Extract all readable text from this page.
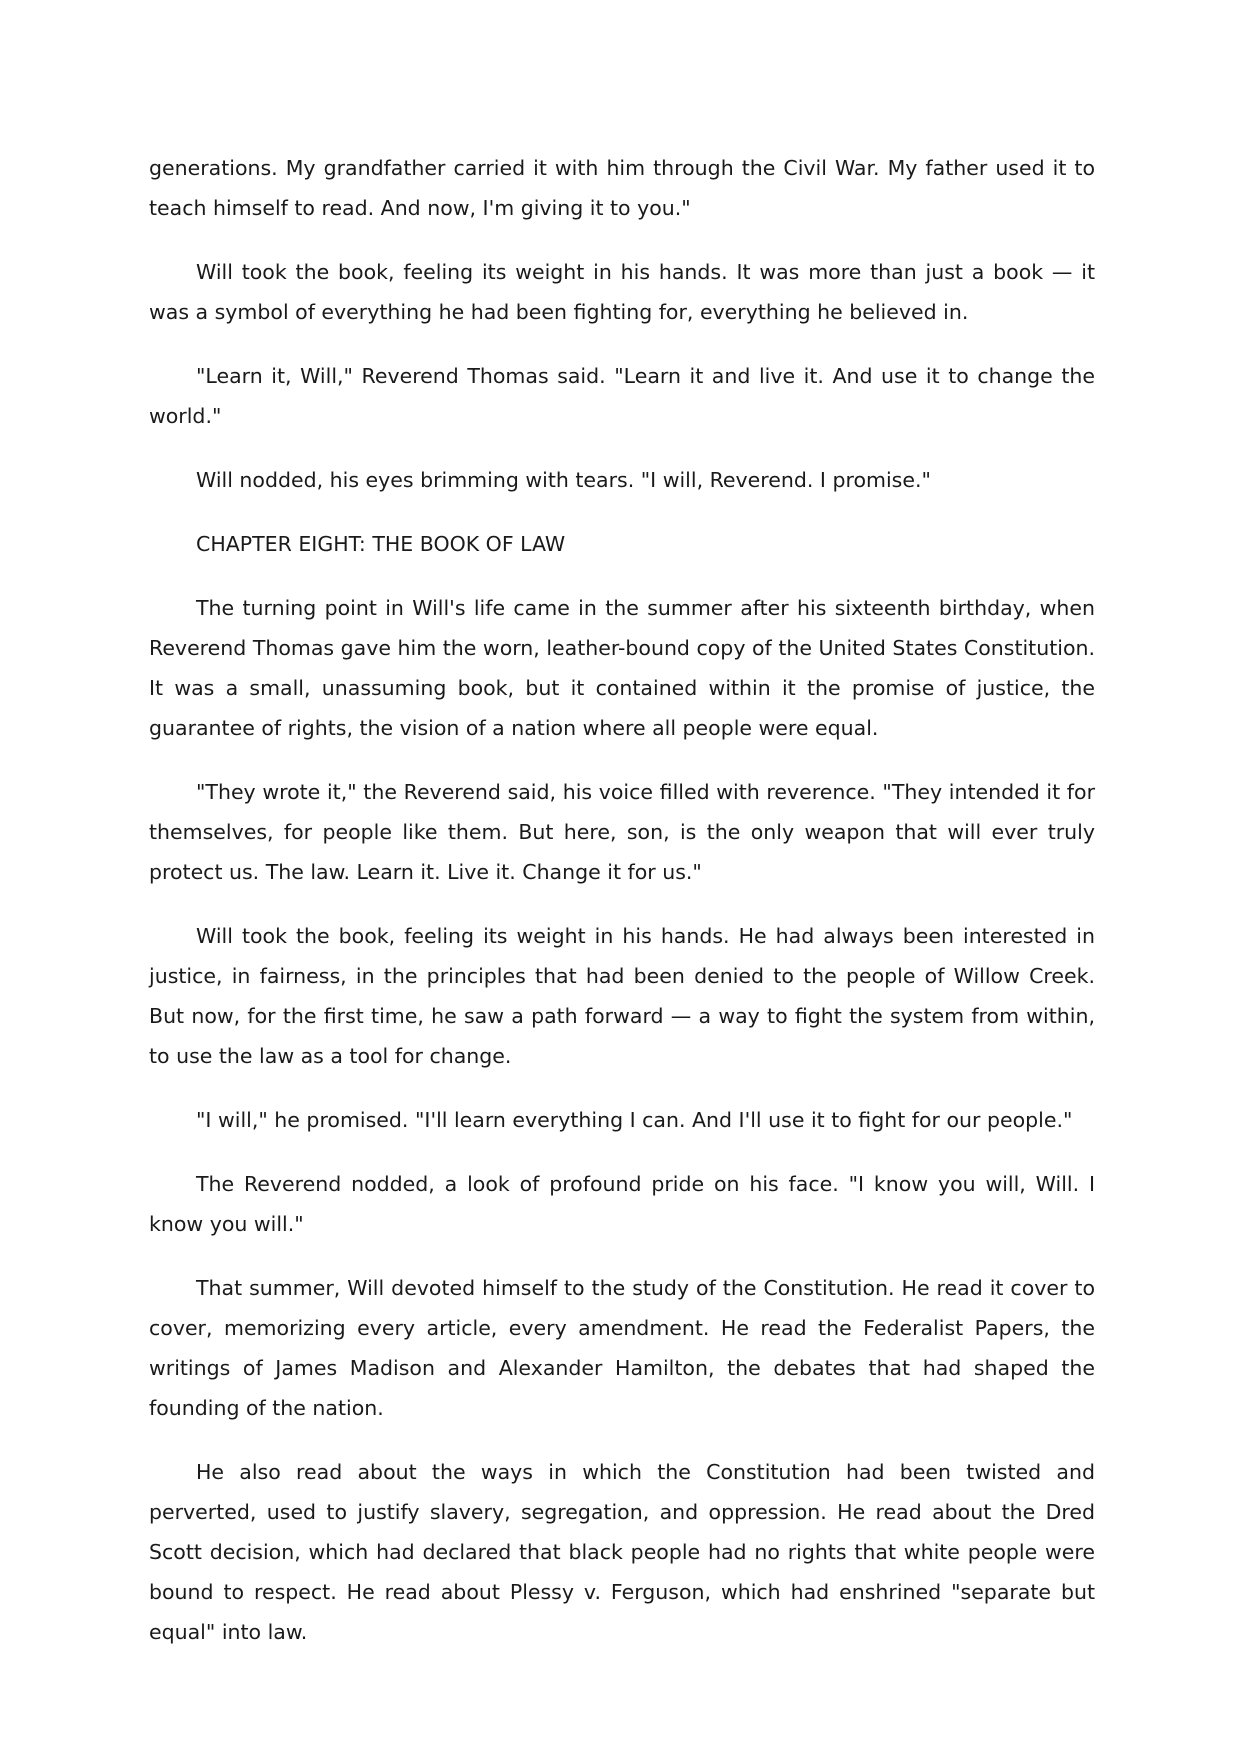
generations. My grandfather carried it with him through the Civil War. My father used it to teach himself to read. And now, I'm giving it to you."

Will took the book, feeling its weight in his hands. It was more than just a book — it was a symbol of everything he had been fighting for, everything he believed in.

"Learn it, Will," Reverend Thomas said. "Learn it and live it. And use it to change the world."

Will nodded, his eyes brimming with tears. "I will, Reverend. I promise."

CHAPTER EIGHT: THE BOOK OF LAW

The turning point in Will's life came in the summer after his sixteenth birthday, when Reverend Thomas gave him the worn, leather-bound copy of the United States Constitution. It was a small, unassuming book, but it contained within it the promise of justice, the guarantee of rights, the vision of a nation where all people were equal.

"They wrote it," the Reverend said, his voice filled with reverence. "They intended it for themselves, for people like them. But here, son, is the only weapon that will ever truly protect us. The law. Learn it. Live it. Change it for us."

Will took the book, feeling its weight in his hands. He had always been interested in justice, in fairness, in the principles that had been denied to the people of Willow Creek. But now, for the first time, he saw a path forward — a way to fight the system from within, to use the law as a tool for change.

"I will," he promised. "I'll learn everything I can. And I'll use it to fight for our people."

The Reverend nodded, a look of profound pride on his face. "I know you will, Will. I know you will."

That summer, Will devoted himself to the study of the Constitution. He read it cover to cover, memorizing every article, every amendment. He read the Federalist Papers, the writings of James Madison and Alexander Hamilton, the debates that had shaped the founding of the nation.

He also read about the ways in which the Constitution had been twisted and perverted, used to justify slavery, segregation, and oppression. He read about the Dred Scott decision, which had declared that black people had no rights that white people were bound to respect. He read about Plessy v. Ferguson, which had enshrined "separate but equal" into law.
